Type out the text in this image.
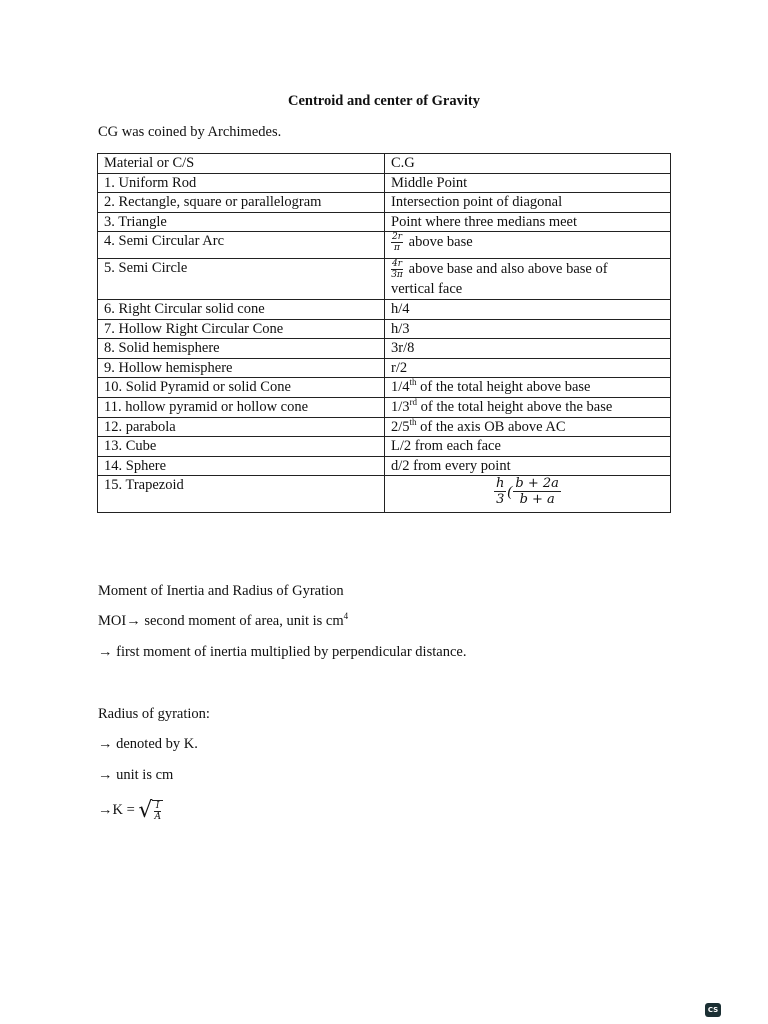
Centroid and center of Gravity
CG was coined by Archimedes.
Material or C/S	C.G
1. Uniform Rod	Middle Point
2. Rectangle, square or parallelogram	Intersection point of diagonal
3. Triangle	Point where three medians meet
4. Semi Circular Arc	$\frac{2r}{\pi}$ above base
5. Semi Circle	$\frac{4r}{3\pi}$ above base and also above base of
vertical face
6. Right Circular solid cone	h/4
7. Hollow Right Circular Cone	h/3
8. Solid hemisphere	3r/8
9. Hollow hemisphere	r/2
10. Solid Pyramid or solid Cone	1/4th of the total height above base
11. hollow pyramid or hollow cone	1/3rd of the total height above the base
12. parabola	2/5th of the axis OB above AC
13. Cube	L/2 from each face
14. Sphere	d/2 from every point
15. Trapezoid	$\frac{h}{3}$ ( $\frac{b + 2a}{b + a}$
Moment of Inertia and Radius of Gyration
MOI→ second moment of area, unit is $cm^4$
→ first moment of inertia multiplied by perpendicular distance.
Radius of gyration:
→ denoted by K.
→ unit is cm
→K = √ $\frac{I}{A}$
CS
